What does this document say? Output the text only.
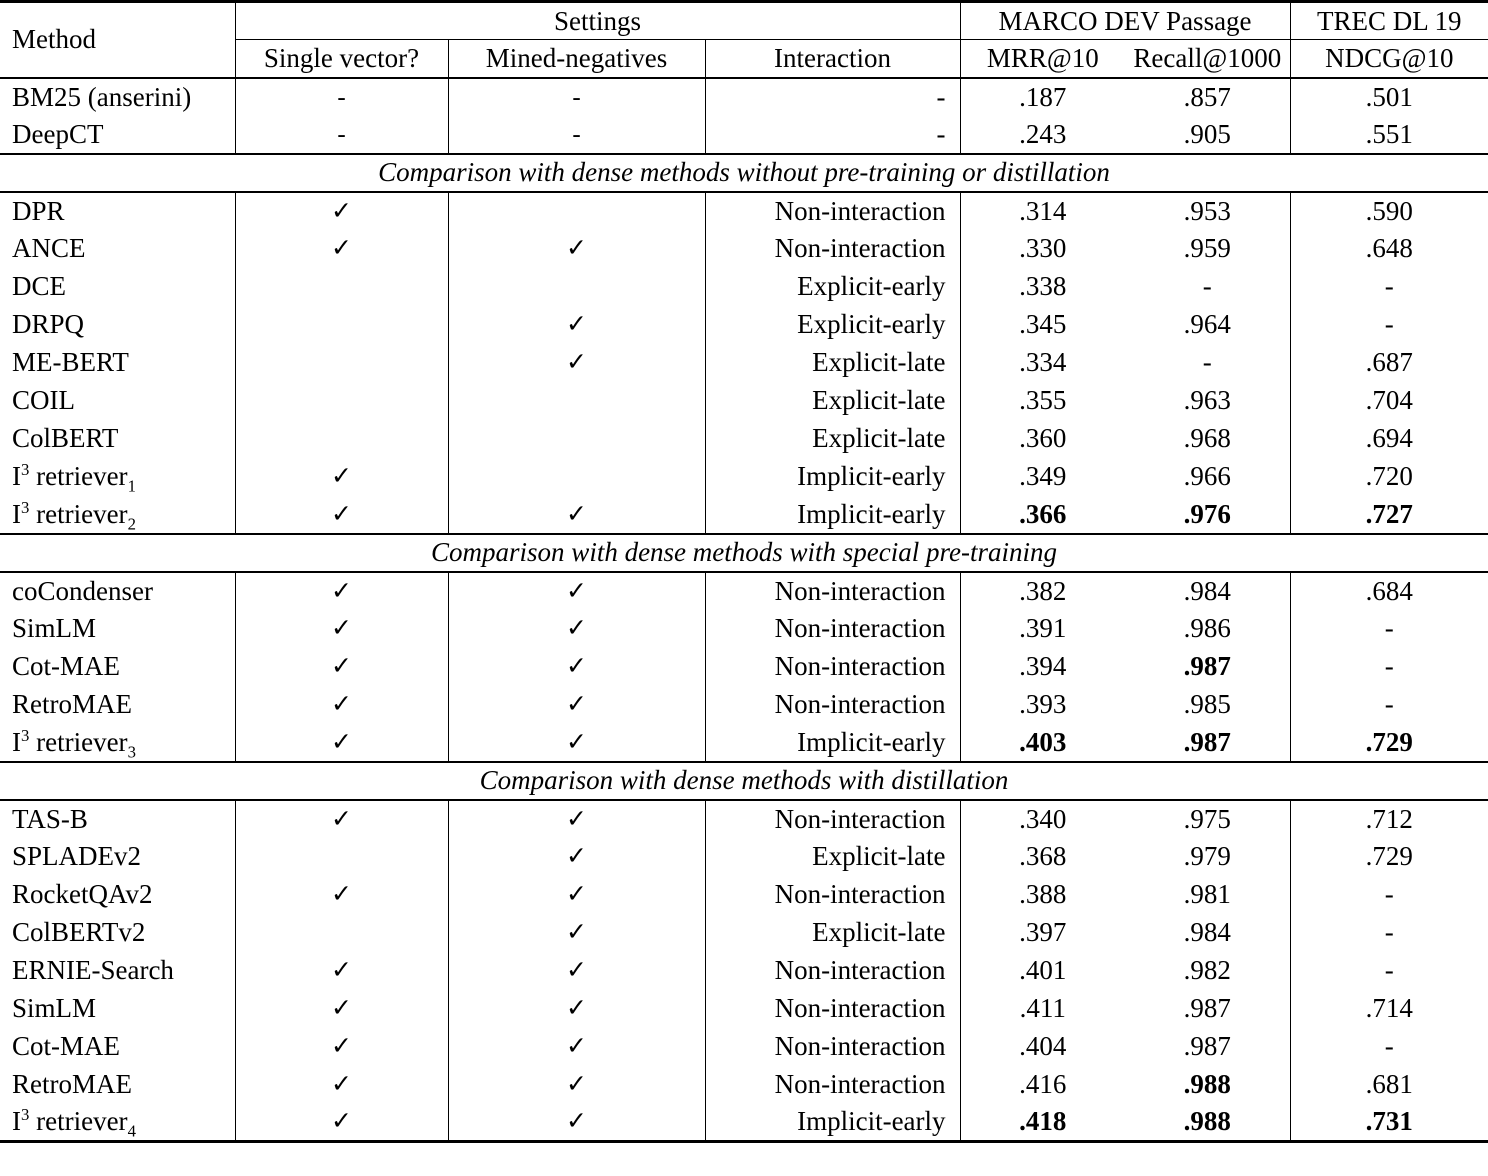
Method	Settings			MARCO DEV Passage		TREC DL 19
	Single vector?	Mined-negatives	Interaction	MRR@10	Recall@1000	NDCG@10
BM25 (anserini)	-	-	-	.187	.857	.501
DeepCT	-	-	-	.243	.905	.551
Comparison with dense methods without pre-training or distillation						
DPR	✓		Non-interaction	.314	.953	.590
ANCE	✓	✓	Non-interaction	.330	.959	.648
DCE			Explicit-early	.338	-	-
DRPQ		✓	Explicit-early	.345	.964	-
ME-BERT		✓	Explicit-late	.334	-	.687
COIL			Explicit-late	.355	.963	.704
ColBERT			Explicit-late	.360	.968	.694
$I^3$ retriever$_1$	✓		Implicit-early	.349	.966	.720
$I^3$ retriever$_2$	✓	✓	Implicit-early	.366	.976	.727
Comparison with dense methods with special pre-training						
coCondenser	✓	✓	Non-interaction	.382	.984	.684
SimLM	✓	✓	Non-interaction	.391	.986	-
Cot-MAE	✓	✓	Non-interaction	.394	.987	-
RetroMAE	✓	✓	Non-interaction	.393	.985	-
$I^3$ retriever$_3$	✓	✓	Implicit-early	.403	.987	.729
Comparison with dense methods with distillation						
TAS-B	✓	✓	Non-interaction	.340	.975	.712
SPLADEv2		✓	Explicit-late	.368	.979	.729
RocketQAv2	✓	✓	Non-interaction	.388	.981	-
ColBERTv2		✓	Explicit-late	.397	.984	-
ERNIE-Search	✓	✓	Non-interaction	.401	.982	-
SimLM	✓	✓	Non-interaction	.411	.987	.714
Cot-MAE	✓	✓	Non-interaction	.404	.987	-
RetroMAE	✓	✓	Non-interaction	.416	.988	.681
$I^3$ retriever$_4$	✓	✓	Implicit-early	.418	.988	.731
